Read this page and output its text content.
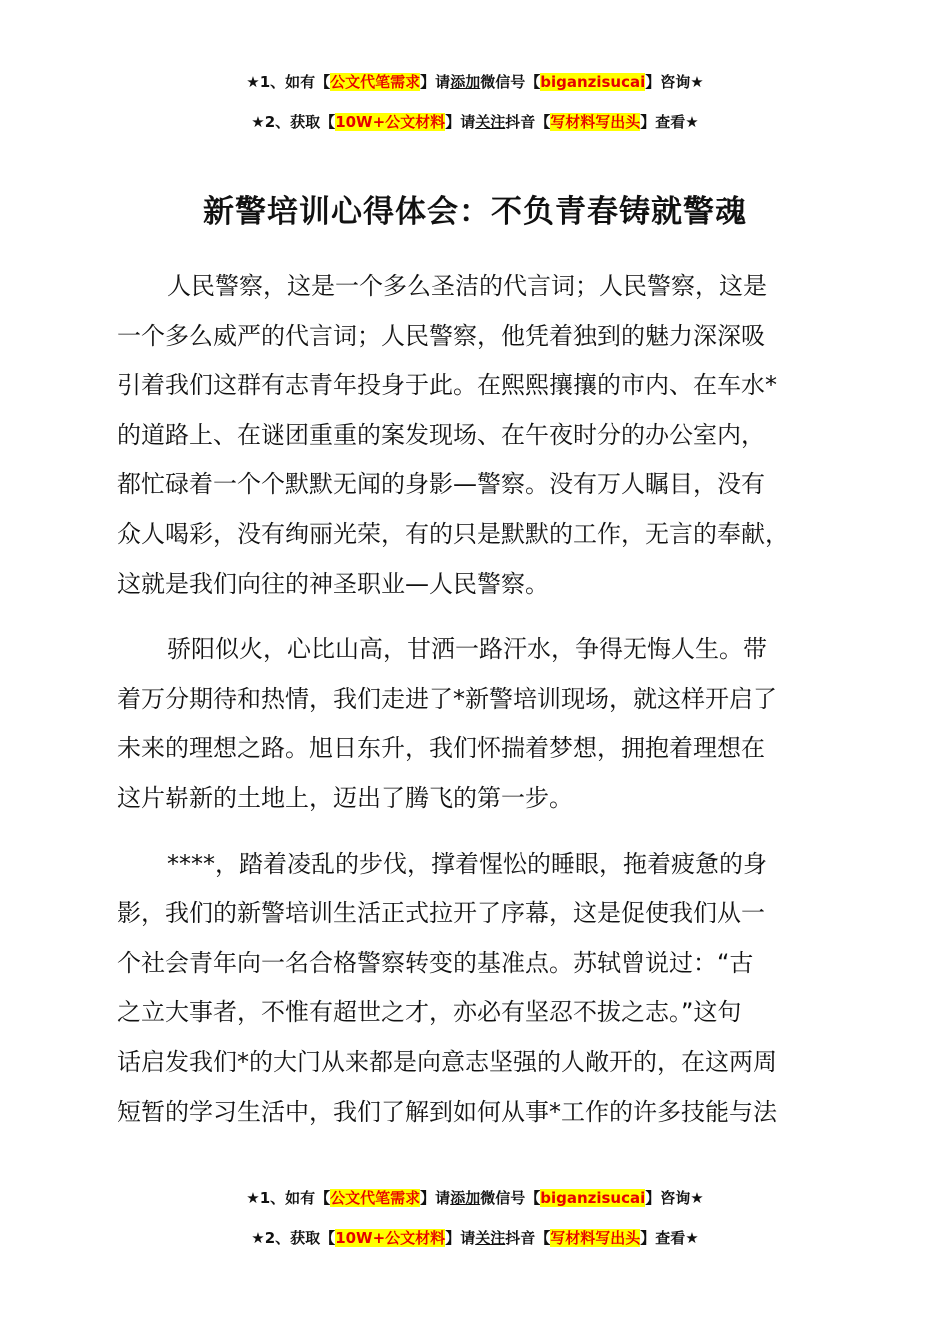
★1、如有【公文代笔需求】请添加微信号【biganzisucai】咨询★
★2、获取【10W+公文材料】请关注抖音【写材料写出头】查看★
新警培训心得体会：不负青春铸就警魂
人民警察，这是一个多么圣洁的代言词；人民警察，这是
一个多么威严的代言词；人民警察，他凭着独到的魅力深深吸
引着我们这群有志青年投身于此。在熙熙攘攘的市内、在车水*
的道路上、在谜团重重的案发现场、在午夜时分的办公室内，
都忙碌着一个个默默无闻的身影—警察。没有万人瞩目，没有
众人喝彩，没有绚丽光荣，有的只是默默的工作，无言的奉献，
这就是我们向往的神圣职业—人民警察。
骄阳似火，心比山高，甘洒一路汗水，争得无悔人生。带
着万分期待和热情，我们走进了*新警培训现场，就这样开启了
未来的理想之路。旭日东升，我们怀揣着梦想，拥抱着理想在
这片崭新的土地上，迈出了腾飞的第一步。
****，踏着凌乱的步伐，撑着惺忪的睡眼，拖着疲惫的身
影，我们的新警培训生活正式拉开了序幕，这是促使我们从一
个社会青年向一名合格警察转变的基准点。苏轼曾说过：“古
之立大事者，不惟有超世之才，亦必有坚忍不拔之志。”这句
话启发我们*的大门从来都是向意志坚强的人敞开的，在这两周
短暂的学习生活中，我们了解到如何从事*工作的许多技能与法
★1、如有【公文代笔需求】请添加微信号【biganzisucai】咨询★
★2、获取【10W+公文材料】请关注抖音【写材料写出头】查看★
